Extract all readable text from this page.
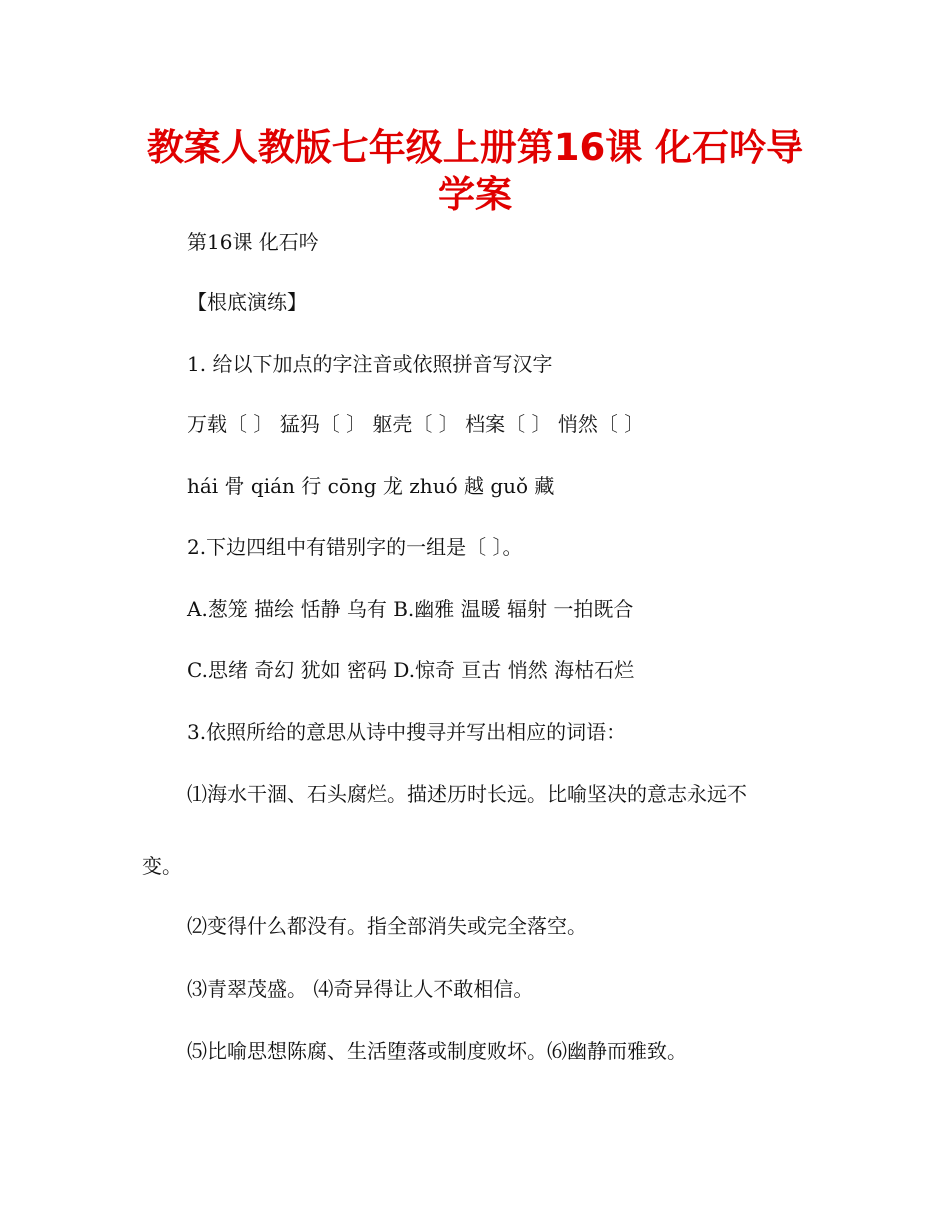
教案人教版七年级上册第16课 化石吟导
学案
第16课 化石吟
【根底演练】
1. 给以下加点的字注音或依照拼音写汉字
万载〔 〕 猛犸〔 〕 躯壳〔 〕 档案〔 〕 悄然〔 〕
hái 骨 qián 行 cōng 龙 zhuó 越 guǒ 藏
2.下边四组中有错别字的一组是〔 〕。
A.葱笼 描绘 恬静 乌有 B.幽雅 温暖 辐射 一拍既合
C.思绪 奇幻 犹如 密码 D.惊奇 亘古 悄然 海枯石烂
3.依照所给的意思从诗中搜寻并写出相应的词语：
⑴海水干涸、石头腐烂。描述历时长远。比喻坚决的意志永远不
变。
⑵变得什么都没有。指全部消失或完全落空。
⑶青翠茂盛。 ⑷奇异得让人不敢相信。
⑸比喻思想陈腐、生活堕落或制度败坏。⑹幽静而雅致。
